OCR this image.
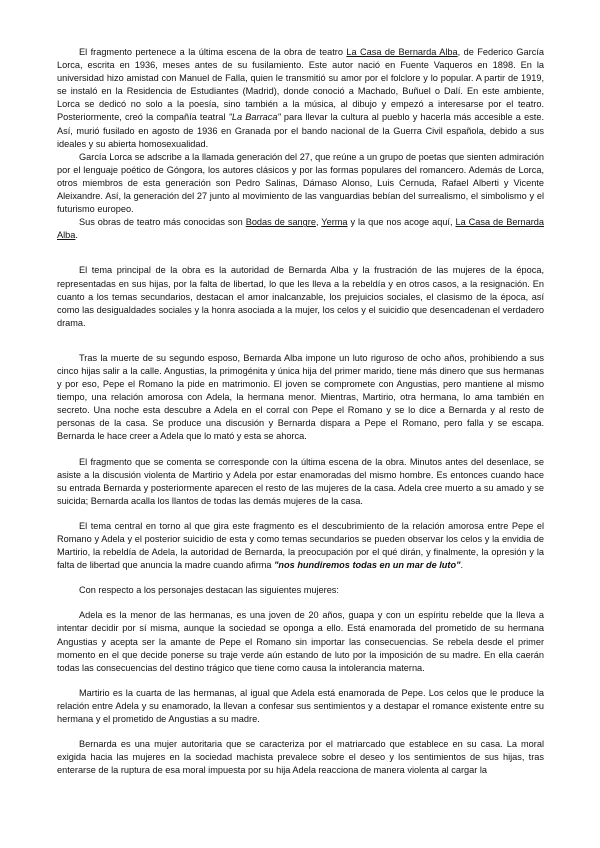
El fragmento pertenece a la última escena de la obra de teatro La Casa de Bernarda Alba, de Federico García Lorca, escrita en 1936, meses antes de su fusilamiento. Este autor nació en Fuente Vaqueros en 1898. En la universidad hizo amistad con Manuel de Falla, quien le transmitió su amor por el folclore y lo popular. A partir de 1919, se instaló en la Residencia de Estudiantes (Madrid), donde conoció a Machado, Buñuel o Dalí. En este ambiente, Lorca se dedicó no solo a la poesía, sino también a la música, al dibujo y empezó a interesarse por el teatro. Posteriormente, creó la compañía teatral "La Barraca" para llevar la cultura al pueblo y hacerla más accesible a este. Así, murió fusilado en agosto de 1936 en Granada por el bando nacional de la Guerra Civil española, debido a sus ideales y su abierta homosexualidad.

García Lorca se adscribe a la llamada generación del 27, que reúne a un grupo de poetas que sienten admiración por el lenguaje poético de Góngora, los autores clásicos y por las formas populares del romancero. Además de Lorca, otros miembros de esta generación son Pedro Salinas, Dámaso Alonso, Luis Cernuda, Rafael Alberti y Vicente Aleixandre. Así, la generación del 27 junto al movimiento de las vanguardias bebían del surrealismo, el simbolismo y el futurismo europeo.

Sus obras de teatro más conocidas son Bodas de sangre, Yerma y la que nos acoge aquí, La Casa de Bernarda Alba.

El tema principal de la obra es la autoridad de Bernarda Alba y la frustración de las mujeres de la época, representadas en sus hijas, por la falta de libertad, lo que les lleva a la rebeldía y en otros casos, a la resignación. En cuanto a los temas secundarios, destacan el amor inalcanzable, los prejuicios sociales, el clasismo de la época, así como las desigualdades sociales y la honra asociada a la mujer, los celos y el suicidio que desencadenan el verdadero drama.

Tras la muerte de su segundo esposo, Bernarda Alba impone un luto riguroso de ocho años, prohibiendo a sus cinco hijas salir a la calle. Angustias, la primogénita y única hija del primer marido, tiene más dinero que sus hermanas y por eso, Pepe el Romano la pide en matrimonio. El joven se compromete con Angustias, pero mantiene al mismo tiempo, una relación amorosa con Adela, la hermana menor. Mientras, Martirio, otra hermana, lo ama también en secreto. Una noche esta descubre a Adela en el corral con Pepe el Romano y se lo dice a Bernarda y al resto de personas de la casa. Se produce una discusión y Bernarda dispara a Pepe el Romano, pero falla y se escapa. Bernarda le hace creer a Adela que lo mató y esta se ahorca.

El fragmento que se comenta se corresponde con la última escena de la obra. Minutos antes del desenlace, se asiste a la discusión violenta de Martirio y Adela por estar enamoradas del mismo hombre. Es entonces cuando hace su entrada Bernarda y posteriormente aparecen el resto de las mujeres de la casa. Adela cree muerto a su amado y se suicida; Bernarda acalla los llantos de todas las demás mujeres de la casa.

El tema central en torno al que gira este fragmento es el descubrimiento de la relación amorosa entre Pepe el Romano y Adela y el posterior suicidio de esta y como temas secundarios se pueden observar los celos y la envidia de Martirio, la rebeldía de Adela, la autoridad de Bernarda, la preocupación por el qué dirán, y finalmente, la opresión y la falta de libertad que anuncia la madre cuando afirma "nos hundiremos todas en un mar de luto".

Con respecto a los personajes destacan las siguientes mujeres:

Adela es la menor de las hermanas, es una joven de 20 años, guapa y con un espíritu rebelde que la lleva a intentar decidir por sí misma, aunque la sociedad se oponga a ello. Está enamorada del prometido de su hermana Angustias y acepta ser la amante de Pepe el Romano sin importar las consecuencias. Se rebela desde el primer momento en el que decide ponerse su traje verde aún estando de luto por la imposición de su madre. En ella caerán todas las consecuencias del destino trágico que tiene como causa la intolerancia materna.

Martirio es la cuarta de las hermanas, al igual que Adela está enamorada de Pepe. Los celos que le produce la relación entre Adela y su enamorado, la llevan a confesar sus sentimientos y a destapar el romance existente entre su hermana y el prometido de Angustias a su madre.

Bernarda es una mujer autoritaria que se caracteriza por el matriarcado que establece en su casa. La moral exigida hacia las mujeres en la sociedad machista prevalece sobre el deseo y los sentimientos de sus hijas, tras enterarse de la ruptura de esa moral impuesta por su hija Adela reacciona de manera violenta al cargar la
